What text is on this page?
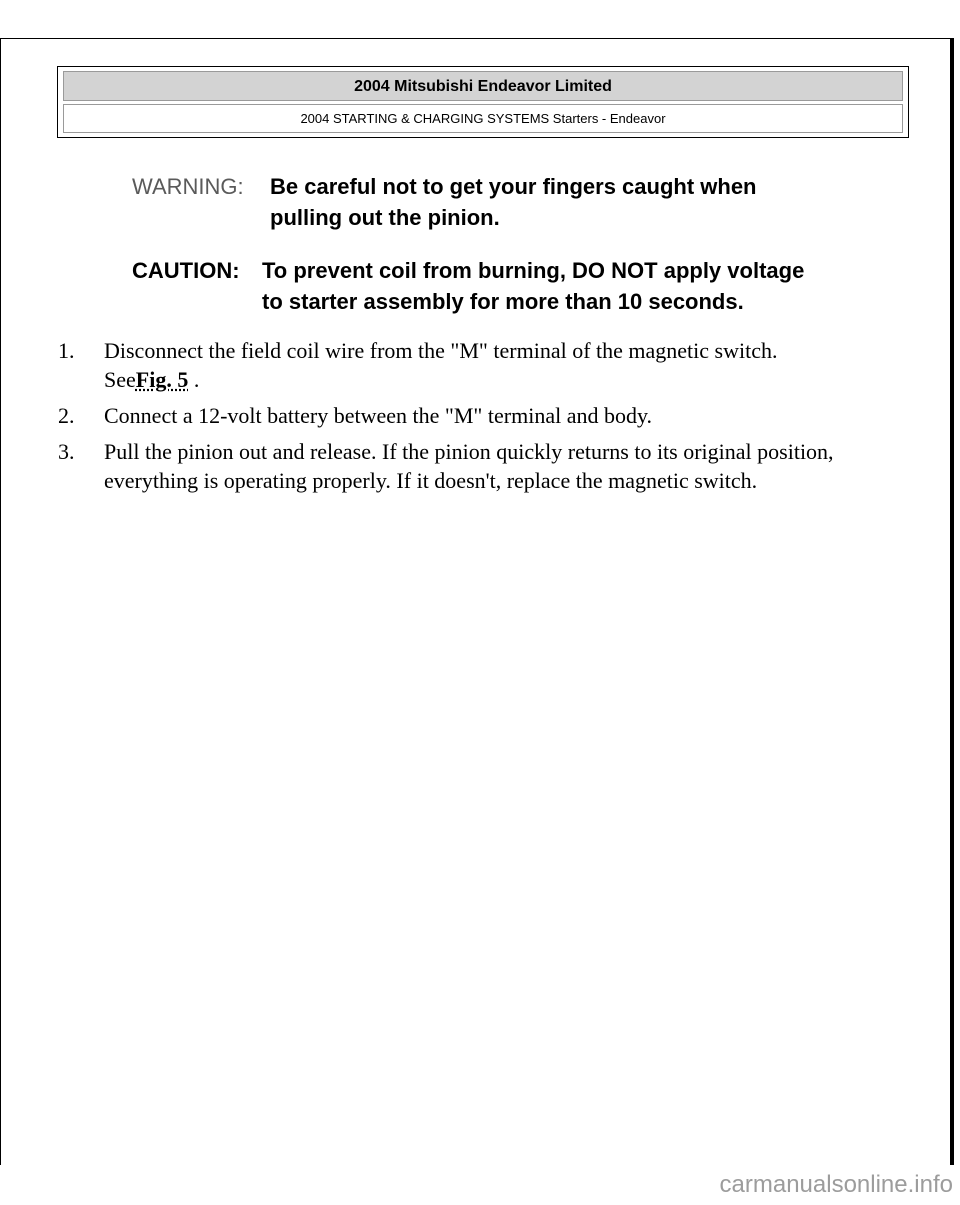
2004 Mitsubishi Endeavor Limited
2004 STARTING & CHARGING SYSTEMS Starters - Endeavor
WARNING: Be careful not to get your fingers caught when
pulling out the pinion.
CAUTION: To prevent coil from burning, DO NOT apply voltage
to starter assembly for more than 10 seconds.
1. Disconnect the field coil wire from the "M" terminal of the magnetic switch.
SeeFig. 5 .
2. Connect a 12-volt battery between the "M" terminal and body.
3. Pull the pinion out and release. If the pinion quickly returns to its original position, everything is operating properly. If it doesn't, replace the magnetic switch.
carmanualsonline.info
